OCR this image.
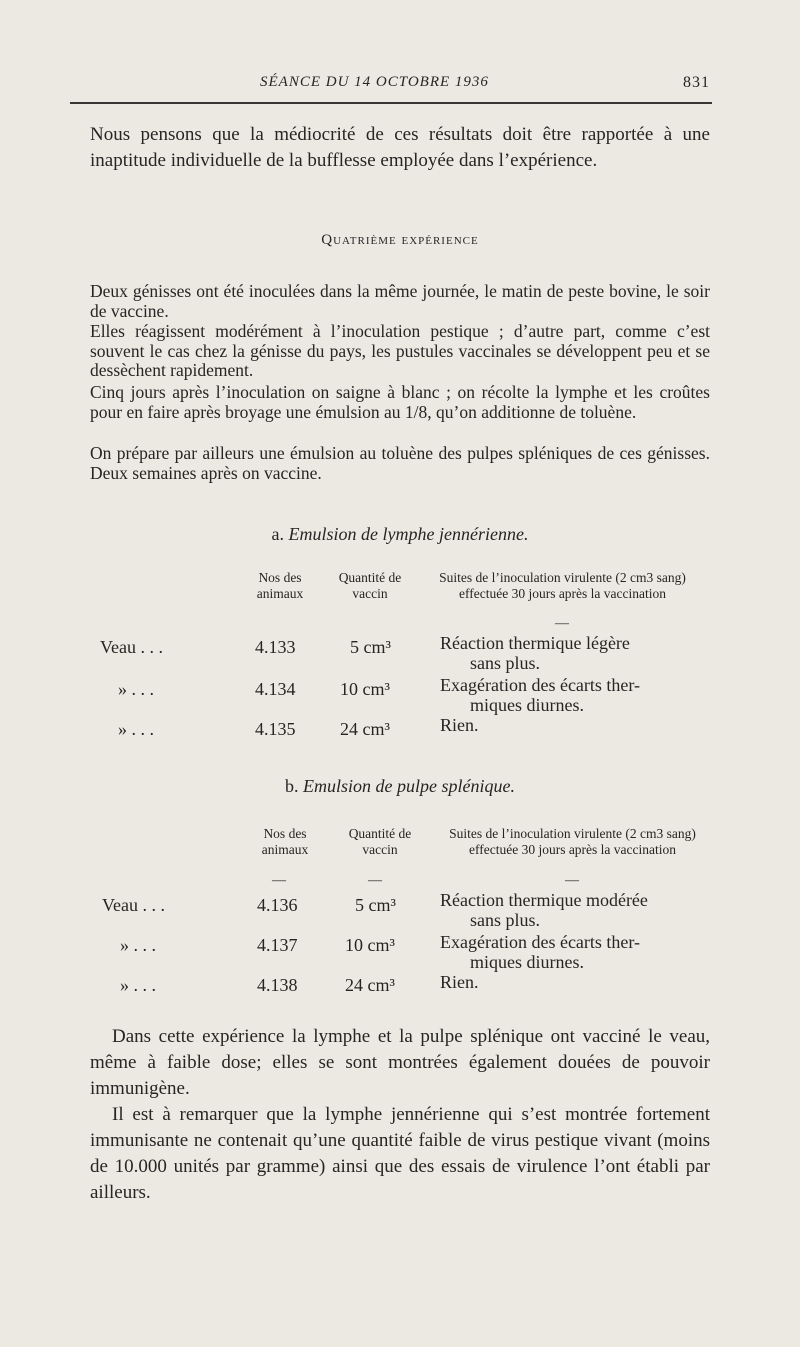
SÉANCE DU 14 OCTOBRE 1936	831

Nous pensons que la médiocrité de ces résultats doit être rapportée à une inaptitude individuelle de la bufflesse employée dans l’expérience.

Quatrième expérience

Deux génisses ont été inoculées dans la même journée, le matin de peste bovine, le soir de vaccine.

Elles réagissent modérément à l’inoculation pestique ; d’autre part, comme c’est souvent le cas chez la génisse du pays, les pustules vaccinales se développent peu et se dessèchent rapidement.

Cinq jours après l’inoculation on saigne à blanc ; on récolte la lymphe et les croûtes pour en faire après broyage une émulsion au 1/8, qu’on additionne de toluène.

On prépare par ailleurs une émulsion au toluène des pulpes spléniques de ces génisses. Deux semaines après on vaccine.

a. Emulsion de lymphe jennérienne.
Nos des animaux
Quantité de vaccin
Suites de l’inoculation virulente (2 cm3 sang) effectuée 30 jours après la vaccination
—
Veau . . .	4.133	5 cm³	Réaction thermique légère
sans plus.
» . . .	4.134 10 cm³	Exagération des écarts ther-
miques diurnes.
» . . .	4.135 24 cm³	Rien.
b. Emulsion de pulpe splénique.
Nos des animaux
Quantité de vaccin
Suites de l’inoculation virulente (2 cm3 sang) effectuée 30 jours après la vaccination
—	—	—
Veau . . .	4.136	5 cm³ Réaction thermique modérée
sans plus.
» . . .	4.137	10 cm³	Exagération des écarts ther-
miques diurnes.
» . . .	4.138	24 cm³	Rien.

Dans cette expérience la lymphe et la pulpe splénique ont vacciné le veau, même à faible dose; elles se sont montrées également douées de pouvoir immunigène.

Il est à remarquer que la lymphe jennérienne qui s’est montrée fortement immunisante ne contenait qu’une quantité faible de virus pestique vivant (moins de 10.000 unités par gramme) ainsi que des essais de virulence l’ont établi par ailleurs.
